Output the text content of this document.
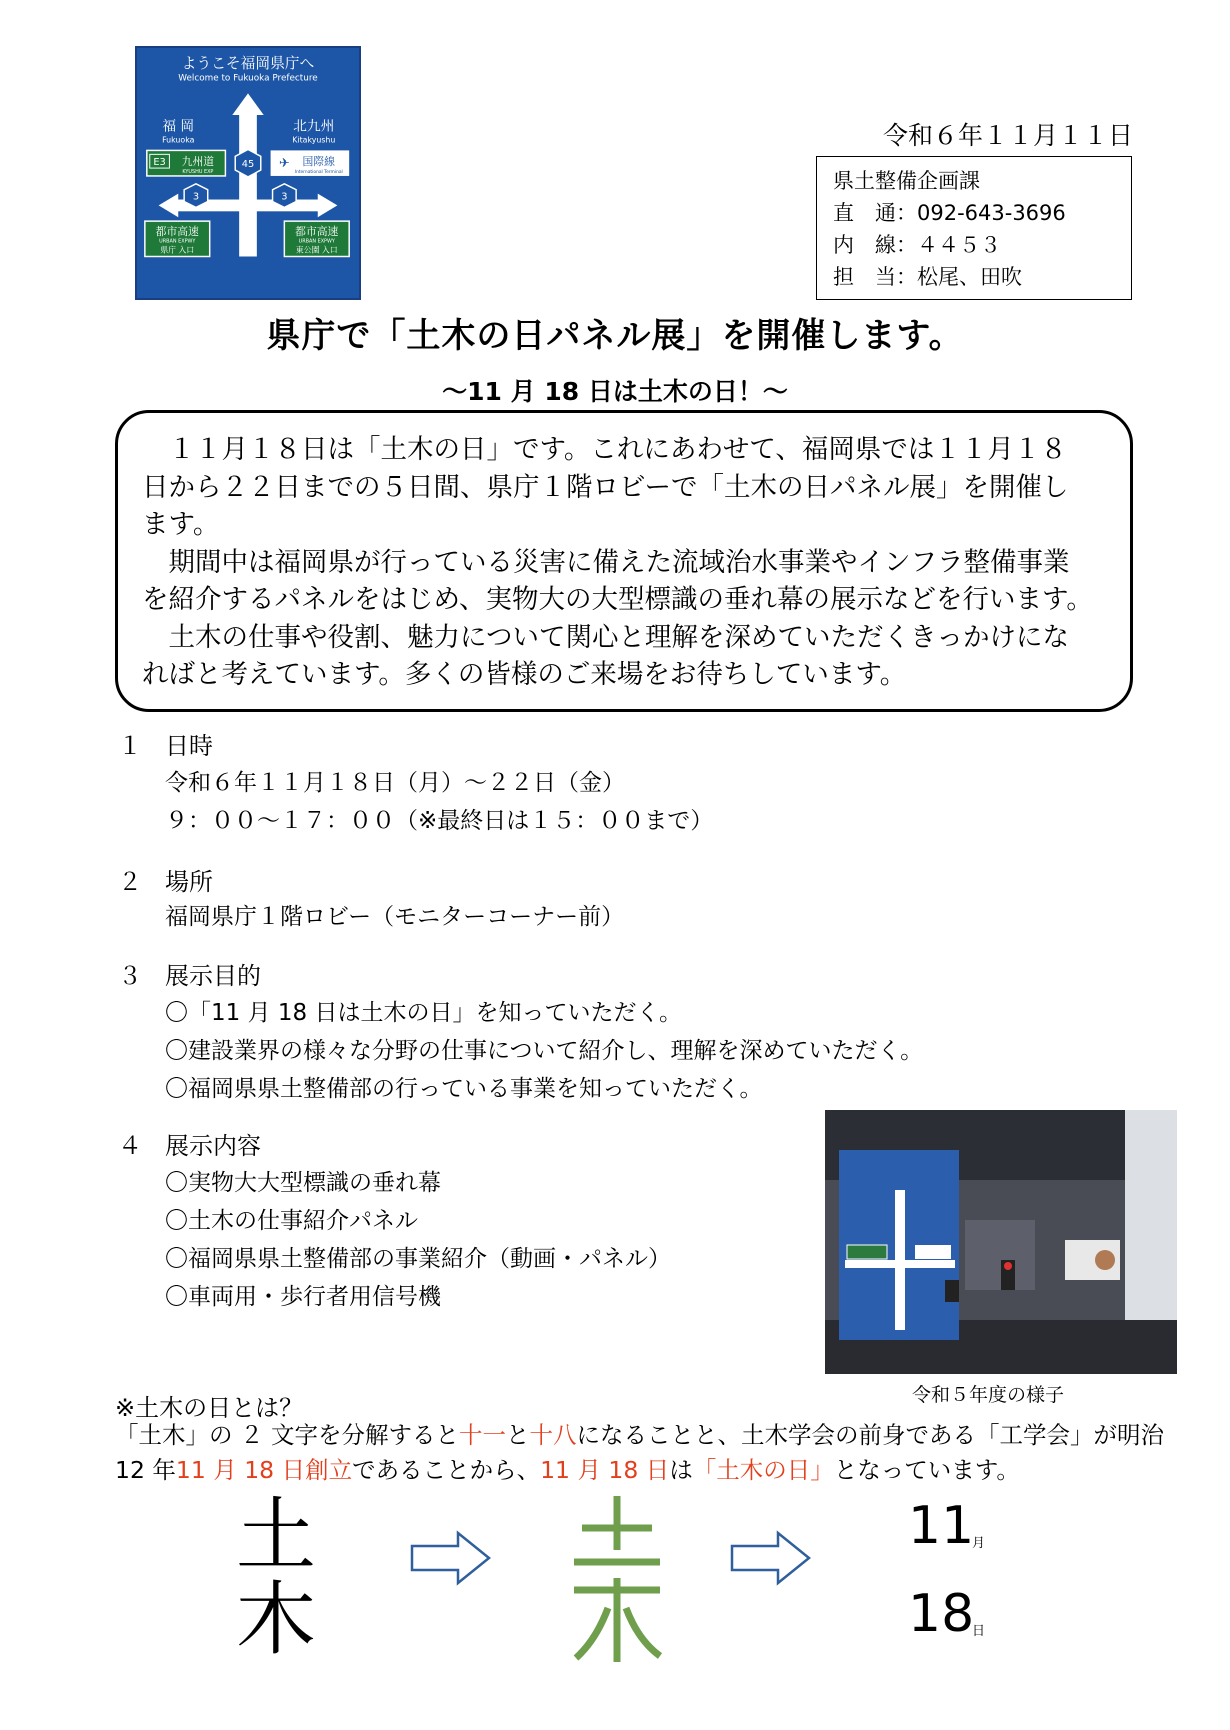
ようこそ福岡県庁へ
Welcome to Fukuoka Prefecture
福 岡
Fukuoka
北九州
Kitakyushu
E3 九州道
KYUSHU EXP
45 ✈ 国際線
International Terminal
3	3
都市高速
URBAN EXPWY
県庁 入口
都市高速
URBAN EXPWY
東公園 入口
令和６年１１月１１日
県土整備企画課
直　通：092-643-3696
内　線：４４５３
担　当：松尾、田吹
県庁で「土木の日パネル展」を開催します。
～11 月 18 日は土木の日！～
１１月１８日は「土木の日」です。これにあわせて、福岡県では１１月１８
日から２２日までの５日間、県庁１階ロビーで「土木の日パネル展」を開催し
ます。
期間中は福岡県が行っている災害に備えた流域治水事業やインフラ整備事業
を紹介するパネルをはじめ、実物大の大型標識の垂れ幕の展示などを行います。
土木の仕事や役割、魅力について関心と理解を深めていただくきっかけにな
ればと考えています。多くの皆様のご来場をお待ちしています。
１ 日時
令和６年１１月１８日（月）～２２日（金）
９：００～１７：００（※最終日は１５：００まで）
２ 場所
福岡県庁１階ロビー（モニターコーナー前）
３ 展示目的
〇「11 月 18 日は土木の日」を知っていただく。
〇建設業界の様々な分野の仕事について紹介し、理解を深めていただく。
〇福岡県県土整備部の行っている事業を知っていただく。
４ 展示内容
〇実物大大型標識の垂れ幕
〇土木の仕事紹介パネル
〇福岡県県土整備部の事業紹介（動画・パネル）
〇車両用・歩行者用信号機
令和５年度の様子
※土木の日とは？
「土木」の ２ 文字を分解すると十一と十八になることと、土木学会の前身である「工学会」が明治
12 年11 月 18 日創立であることから、11 月 18 日は「土木の日」となっています。
土
木
11
月
18
日
